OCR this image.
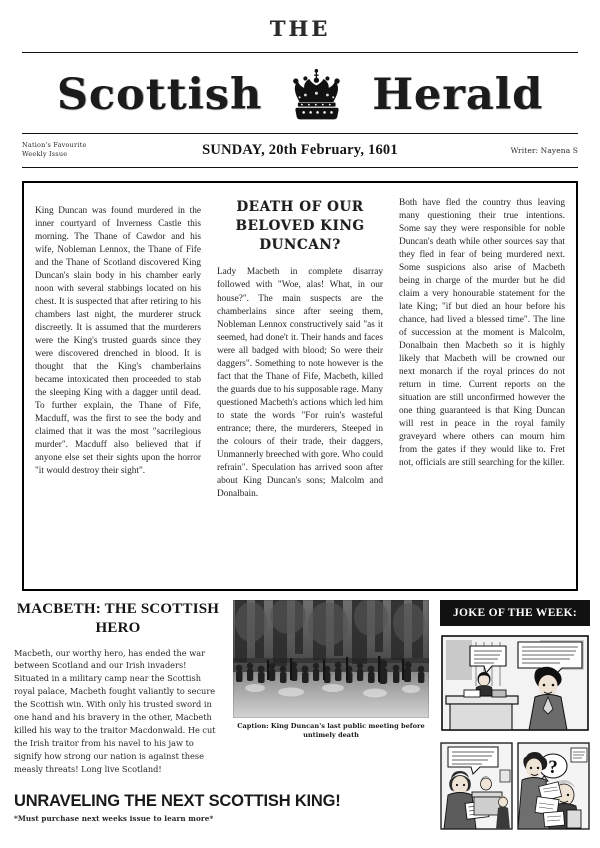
THE
Scottish	Herald
Nation's Favourite
Weekly Issue	SUNDAY, 20th February, 1601	Writer: Nayena S

King Duncan was found murdered in the inner courtyard of Inverness Castle this morning. The Thane of Cawdor and his wife, Nobleman Lennox, the Thane of Fife and the Thane of Scotland discovered King Duncan's slain body in his chamber early noon with several stabbings located on his chest. It is suspected that after retiring to his chambers last night, the murderer struck discreetly. It is assumed that the murderers were the King's trusted guards since they were discovered drenched in blood. It is thought that the King's chamberlains became intoxicated then proceeded to stab the sleeping King with a dagger until dead. To further explain, the Thane of Fife, Macduff, was the first to see the body and claimed that it was the most "sacrilegious murder". Macduff also believed that if anyone else set their sights upon the horror "it would destroy their sight".

DEATH OF OUR BELOVED KING DUNCAN?

Lady Macbeth in complete disarray followed with "Woe, alas! What, in our house?". The main suspects are the chamberlains since after seeing them, Nobleman Lennox constructively said "as it seemed, had done't it. Their hands and faces were all badged with blood; So were their daggers". Something to note however is the fact that the Thane of Fife, Macbeth, killed the guards due to his supposable rage. Many questioned Macbeth's actions which led him to state the words "For ruin's wasteful entrance; there, the murderers, Steeped in the colours of their trade, their daggers, Unmannerly breeched with gore. Who could refrain". Speculation has arrived soon after about King Duncan's sons; Malcolm and Donalbain.

Both have fled the country thus leaving many questioning their true intentions. Some say they were responsible for noble Duncan's death while other sources say that they fled in fear of being murdered next. Some suspicions also arise of Macbeth being in charge of the murder but he did claim a very honourable statement for the late King; "if but died an hour before his chance, had lived a blessed time". The line of succession at the moment is Malcolm, Donalbain then Macbeth so it is highly likely that Macbeth will be crowned our next monarch if the royal princes do not return in time. Current reports on the situation are still unconfirmed however the one thing guaranteed is that King Duncan will rest in peace in the royal family graveyard where others can mourn him from the gates if they would like to. Fret not, officials are still searching for the killer.

MACBETH: THE SCOTTISH HERO

Macbeth, our worthy hero, has ended the war between Scotland and our Irish invaders! Situated in a military camp near the Scottish royal palace, Macbeth fought valiantly to secure the Scottish win. With only his trusted sword in one hand and his bravery in the other, Macbeth killed his way to the traitor Macdonwald. He cut the Irish traitor from his navel to his jaw to signify how strong our nation is against these measly threats! Long live Scotland!

Caption: King Duncan's last public meeting before untimely death
JOKE OF THE WEEK:
?
UNRAVELING THE NEXT SCOTTISH KING!
*Must purchase next weeks issue to learn more*
